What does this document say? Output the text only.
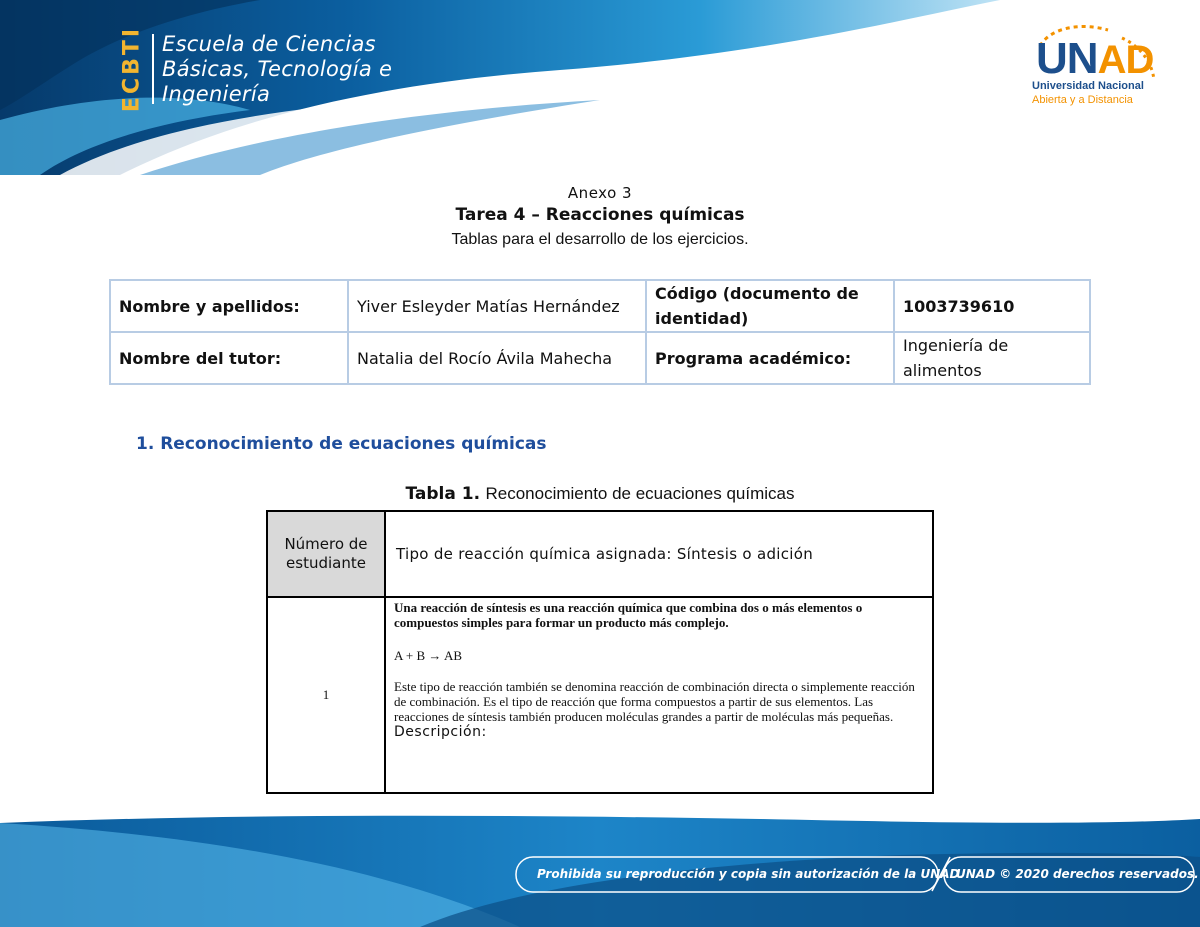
ECBTI Escuela de Ciencias
Básicas, Tecnología e
Ingeniería
UNAD
Universidad Nacional
Abierta y a Distancia
Anexo 3
Tarea 4 – Reacciones químicas
Tablas para el desarrollo de los ejercicios.
Nombre y apellidos:	Yiver Esleyder Matías Hernández	Código (documento de identidad)	1003739610
Nombre del tutor:	Natalia del Rocío Ávila Mahecha	Programa académico:	Ingeniería de alimentos
1. Reconocimiento de ecuaciones químicas
Tabla 1. Reconocimiento de ecuaciones químicas
Número de estudiante	Tipo de reacción química asignada: Síntesis o adición
1	Una reacción de síntesis es una reacción química que combina dos o más elementos o compuestos simples para formar un producto más complejo.

A + B → AB

Este tipo de reacción también se denomina reacción de combinación directa o simplemente reacción de combinación. Es el tipo de reacción que forma compuestos a partir de sus elementos. Las reacciones de síntesis también producen moléculas grandes a partir de moléculas más pequeñas.

Descripción:

Prohibida su reproducción y copia sin autorización de la UNAD.
UNAD © 2020 derechos reservados.
